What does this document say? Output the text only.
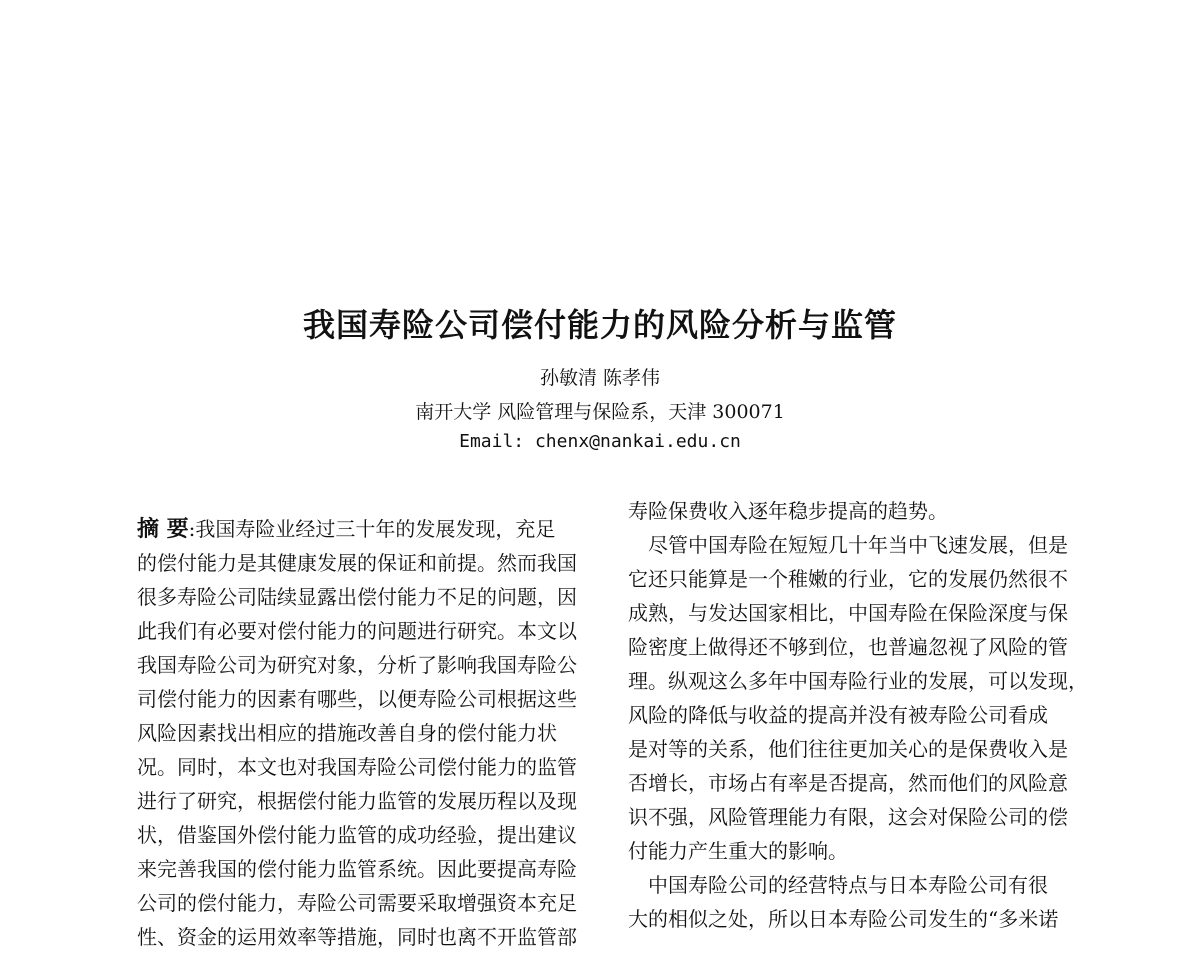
我国寿险公司偿付能力的风险分析与监管
孙敏清 陈孝伟
南开大学 风险管理与保险系，天津 300071
Email: chenx@nankai.edu.cn
摘 要:我国寿险业经过三十年的发展发现，充足
的偿付能力是其健康发展的保证和前提。然而我国
很多寿险公司陆续显露出偿付能力不足的问题，因
此我们有必要对偿付能力的问题进行研究。本文以
我国寿险公司为研究对象，分析了影响我国寿险公
司偿付能力的因素有哪些，以便寿险公司根据这些
风险因素找出相应的措施改善自身的偿付能力状
况。同时，本文也对我国寿险公司偿付能力的监管
进行了研究，根据偿付能力监管的发展历程以及现
状，借鉴国外偿付能力监管的成功经验，提出建议
来完善我国的偿付能力监管系统。因此要提高寿险
公司的偿付能力，寿险公司需要采取增强资本充足
性、资金的运用效率等措施，同时也离不开监管部
寿险保费收入逐年稳步提高的趋势。
　尽管中国寿险在短短几十年当中飞速发展，但是
它还只能算是一个稚嫩的行业，它的发展仍然很不
成熟，与发达国家相比，中国寿险在保险深度与保
险密度上做得还不够到位，也普遍忽视了风险的管
理。纵观这么多年中国寿险行业的发展，可以发现，
风险的降低与收益的提高并没有被寿险公司看成
是对等的关系，他们往往更加关心的是保费收入是
否增长，市场占有率是否提高，然而他们的风险意
识不强，风险管理能力有限，这会对保险公司的偿
付能力产生重大的影响。
　中国寿险公司的经营特点与日本寿险公司有很
大的相似之处，所以日本寿险公司发生的“多米诺
